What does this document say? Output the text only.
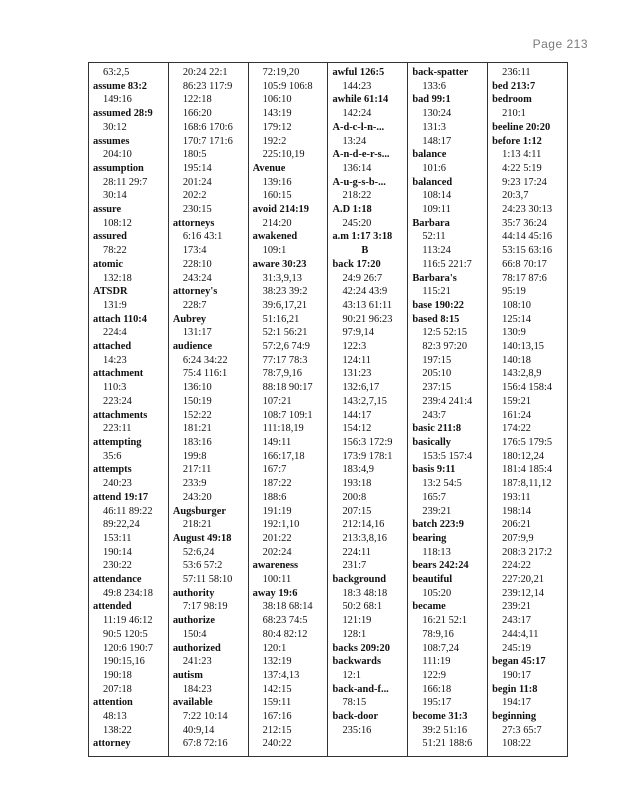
Page 213
63:2,5
assume 83:2
149:16
assumed 28:9
30:12
assumes
204:10
assumption
28:11 29:7
30:14
assure
108:12
assured
78:22
atomic
132:18
ATSDR
131:9
attach 110:4
224:4
attached
14:23
attachment
110:3
223:24
attachments
223:11
attempting
35:6
attempts
240:23
attend 19:17
46:11 89:22
89:22,24
153:11
190:14
230:22
attendance
49:8 234:18
attended
11:19 46:12
90:5 120:5
120:6 190:7
190:15,16
190:18
207:18
attention
48:13
138:22
attorney
20:24 22:1
86:23 117:9
122:18
166:20
168:6 170:6
170:7 171:6
180:5
195:14
201:24
202:2
230:15
attorneys
6:16 43:1
173:4
228:10
243:24
attorney's
228:7
Aubrey
131:17
audience
6:24 34:22
75:4 116:1
136:10
150:19
152:22
181:21
183:16
199:8
217:11
233:9
243:20
Augsburger
218:21
August 49:18
52:6,24
53:6 57:2
57:11 58:10
authority
7:17 98:19
authorize
150:4
authorized
241:23
autism
184:23
available
7:22 10:14
40:9,14
67:8 72:16
72:19,20
105:9 106:8
106:10
143:19
179:12
192:2
225:10,19
Avenue
139:16
160:15
avoid 214:19
214:20
awakened
109:1
aware 30:23
31:3,9,13
38:23 39:2
39:6,17,21
51:16,21
52:1 56:21
57:2,6 74:9
77:17 78:3
78:7,9,16
88:18 90:17
107:21
108:7 109:1
111:18,19
149:11
166:17,18
167:7
187:22
188:6
191:19
192:1,10
201:22
202:24
awareness
100:11
away 19:6
38:18 68:14
68:23 74:5
80:4 82:12
120:1
132:19
137:4,13
142:15
159:11
167:16
212:15
240:22
awful 126:5
144:23
awhile 61:14
142:24
A-d-c-l-n-...
13:24
A-n-d-e-r-s...
136:14
A-u-g-s-b-...
218:22
A.D 1:18
245:20
a.m 1:17 3:18
B
back 17:20
24:9 26:7
42:24 43:9
43:13 61:11
90:21 96:23
97:9,14
122:3
124:11
131:23
132:6,17
143:2,7,15
144:17
154:12
156:3 172:9
173:9 178:1
183:4,9
193:18
200:8
207:15
212:14,16
213:3,8,16
224:11
231:7
background
18:3 48:18
50:2 68:1
121:19
128:1
backs 209:20
backwards
12:1
back-and-f...
78:15
back-door
235:16
back-spatter
133:6
bad 99:1
130:24
131:3
148:17
balance
101:6
balanced
108:14
109:11
Barbara
52:11
113:24
116:5 221:7
Barbara's
115:21
base 190:22
based 8:15
12:5 52:15
82:3 97:20
197:15
205:10
237:15
239:4 241:4
243:7
basic 211:8
basically
153:5 157:4
basis 9:11
13:2 54:5
165:7
239:21
batch 223:9
bearing
118:13
bears 242:24
beautiful
105:20
became
16:21 52:1
78:9,16
108:7,24
111:19
122:9
166:18
195:17
become 31:3
39:2 51:16
51:21 188:6
236:11
bed 213:7
bedroom
210:1
beeline 20:20
before 1:12
1:13 4:11
4:22 5:19
9:23 17:24
20:3,7
24:23 30:13
35:7 36:24
44:14 45:16
53:15 63:16
66:8 70:17
78:17 87:6
95:19
108:10
125:14
130:9
140:13,15
140:18
143:2,8,9
156:4 158:4
159:21
161:24
174:22
176:5 179:5
180:12,24
181:4 185:4
187:8,11,12
193:11
198:14
206:21
207:9,9
208:3 217:2
224:22
227:20,21
239:12,14
239:21
243:17
244:4,11
245:19
began 45:17
190:17
begin 11:8
194:17
beginning
27:3 65:7
108:22
